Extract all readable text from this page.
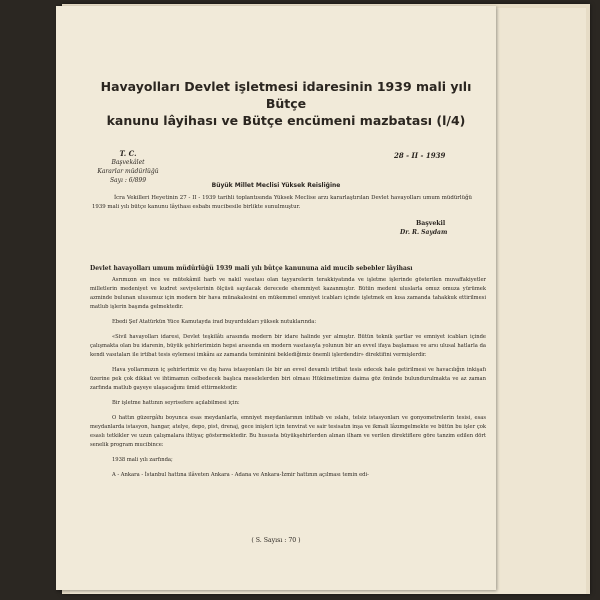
Havayolları Devlet işletmesi idaresinin 1939 mali yılı Bütçe
kanunu lâyihası ve Bütçe encümeni mazbatası (l/4)
T. C.
Başvekâlet
Kararlar müdürlüğü
Sayı : 6/899
28 - II - 1939
Büyük Millet Meclisi Yüksek Reisliğine

İcra Vekilleri Heyetinin 27 - II - 1939 tarihli toplantısında Yüksek Meclise arzı kararlaştırılan Devlet havayolları umum müdürlüğü 1939 mali yılı bütçe kanunu lâyihası esbabı mucibesile birlikte sunulmuştur.

Başvekil
Dr. R. Saydam
Devlet havayolları umum müdürlüğü 1939 mali yılı bütçe kanununa aid mucib sebebler lâyihası

Asrımızın en ince ve mütekâmil harb ve nakil vasıtası olan tayyarelerin terakkiyatında ve işletme işlerinde gösterilen muvaffakiyetler milletlerin medeniyet ve kudret seviyelerinin ölçüsü sayılacak derecede ehemmiyet kazanmıştır. Bütün medeni uluslarla omuz omuza yürümek azminde bulunan ulusumuz için modern bir hava münakalesini en mükemmel emniyet icabları içinde işletmek en kısa zamanda tahakkuk ettirilmesi matlub işlerin başında gelmektedir.

Ebedi Şef Atatürkün Yüce Kamutayda irad buyurdukları yüksek nutuklarında:

«Sivil havayolları idaresi, Devlet teşkilâtı arasında modern bir idare halinde yer almıştır. Bütün teknik şartlar ve emniyet icabları içinde çalışmakta olan bu idarenin, büyük şehirlerimizin hepsi arasında en modern vasıtasıyla yolunun bir an evvel ifaya başlaması ve arsı ulusal hatlarla da kendi vasıtaları ile irtibat tesis eylemesi imkânı az zamanda temininini beklediğimiz önemli işlerdendir» direktifini vermişlerdir.

Hava yollarımızın iç şehirlerimiz ve dış hava istasyonları ile bir an evvel devamlı irtibat tesis edecek hale getirilmesi ve havacılığın inkişafı üzerine pek çok dikkat ve ihtimamın celbedecek başlıca meselelerden biri olması Hükümetimize daima göz önünde bulundurulmakta ve az zaman zarfında matlub gayeye ulaşacağımı ümid ettirmektedir.

Bir işletme hattının seyrisefere açılabilmesi için:

O hattın güzergâhı boyunca esas meydanlarla, emniyet meydanlarının intihab ve ıslahı, telsiz istasyonları ve gonyometrelerin tesisi, esas meydanlarda istasyon, hangar, atelye, depo, pist, drenaj, gece inişleri için tenvirat ve sair tesisatın inşa ve ikmali lâzımgelmekte ve bütün bu işler çok esaslı tetkikler ve uzun çalışmalara ihtiyaç göstermektedir. Bu hususta büyükşehirlerden alınan ilham ve verilen direktiflere göre tanzim edilen dört senelik program mucibince:

1938 mali yılı zarfında;

A - Ankara - İstanbul hattına ilâveten Ankara - Adana ve Ankara-İzmir hattının açılması temin edi-

( S. Sayısı : 70 )
